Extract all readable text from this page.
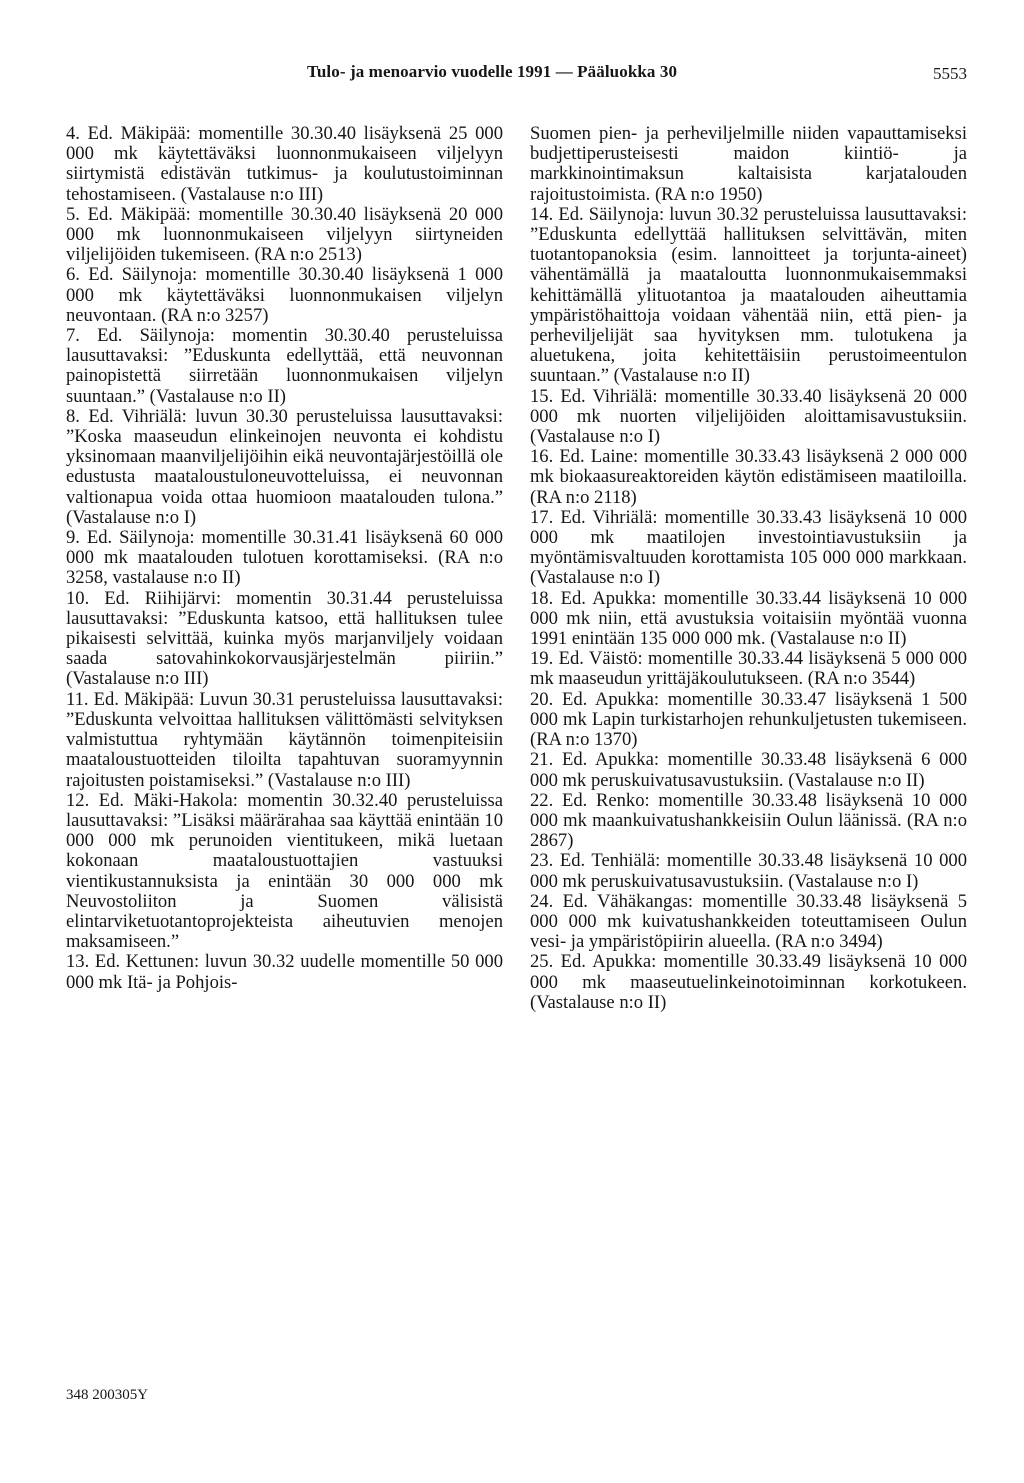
Tulo- ja menoarvio vuodelle 1991 — Pääluokka 30	5553

4. Ed. Mäkipää: momentille 30.30.40 lisäyksenä 25 000 000 mk käytettäväksi luonnonmukaiseen viljelyyn siirtymistä edistävän tutkimus- ja koulutustoiminnan tehostamiseen. (Vastalause n:o III)

5. Ed. Mäkipää: momentille 30.30.40 lisäyksenä 20 000 000 mk luonnonmukaiseen viljelyyn siirtyneiden viljelijöiden tukemiseen. (RA n:o 2513)

6. Ed. Säilynoja: momentille 30.30.40 lisäyksenä 1 000 000 mk käytettäväksi luonnonmukaisen viljelyn neuvontaan. (RA n:o 3257)

7. Ed. Säilynoja: momentin 30.30.40 perusteluissa lausuttavaksi: ”Eduskunta edellyttää, että neuvonnan painopistettä siirretään luonnonmukaisen viljelyn suuntaan.” (Vastalause n:o II)

8. Ed. Vihriälä: luvun 30.30 perusteluissa lausuttavaksi: ”Koska maaseudun elinkeinojen neuvonta ei kohdistu yksinomaan maanviljelijöihin eikä neuvontajärjestöillä ole edustusta maataloustuloneuvotteluissa, ei neuvonnan valtionapua voida ottaa huomioon maatalouden tulona.” (Vastalause n:o I)

9. Ed. Säilynoja: momentille 30.31.41 lisäyksenä 60 000 000 mk maatalouden tulotuen korottamiseksi. (RA n:o 3258, vastalause n:o II)

10. Ed. Riihijärvi: momentin 30.31.44 perusteluissa lausuttavaksi: ”Eduskunta katsoo, että hallituksen tulee pikaisesti selvittää, kuinka myös marjanviljely voidaan saada satovahinkokorvausjärjestelmän piiriin.” (Vastalause n:o III)

11. Ed. Mäkipää: Luvun 30.31 perusteluissa lausuttavaksi: ”Eduskunta velvoittaa hallituksen välittömästi selvityksen valmistuttua ryhtymään käytännön toimenpiteisiin maataloustuotteiden tiloilta tapahtuvan suoramyynnin rajoitusten poistamiseksi.” (Vastalause n:o III)

12. Ed. Mäki-Hakola: momentin 30.32.40 perusteluissa lausuttavaksi: ”Lisäksi määrärahaa saa käyttää enintään 10 000 000 mk perunoiden vientitukeen, mikä luetaan kokonaan maataloustuottajien vastuuksi vientikustannuksista ja enintään 30 000 000 mk Neuvostoliiton ja Suomen välisistä elintarviketuotantoprojekteista aiheutuvien menojen maksamiseen.”

13. Ed. Kettunen: luvun 30.32 uudelle momentille 50 000 000 mk Itä- ja Pohjois-

Suomen pien- ja perheviljelmille niiden vapauttamiseksi budjettiperusteisesti maidon kiintiö- ja markkinointimaksun kaltaisista karjatalouden rajoitustoimista. (RA n:o 1950)

14. Ed. Säilynoja: luvun 30.32 perusteluissa lausuttavaksi: ”Eduskunta edellyttää hallituksen selvittävän, miten tuotantopanoksia (esim. lannoitteet ja torjunta-aineet) vähentämällä ja maataloutta luonnonmukaisemmaksi kehittämällä ylituotantoa ja maatalouden aiheuttamia ympäristöhaittoja voidaan vähentää niin, että pien- ja perheviljelijät saa hyvityksen mm. tulotukena ja aluetukena, joita kehitettäisiin perustoimeentulon suuntaan.” (Vastalause n:o II)

15. Ed. Vihriälä: momentille 30.33.40 lisäyksenä 20 000 000 mk nuorten viljelijöiden aloittamisavustuksiin. (Vastalause n:o I)

16. Ed. Laine: momentille 30.33.43 lisäyksenä 2 000 000 mk biokaasureaktoreiden käytön edistämiseen maatiloilla. (RA n:o 2118)

17. Ed. Vihriälä: momentille 30.33.43 lisäyksenä 10 000 000 mk maatilojen investointiavustuksiin ja myöntämisvaltuuden korottamista 105 000 000 markkaan. (Vastalause n:o I)

18. Ed. Apukka: momentille 30.33.44 lisäyksenä 10 000 000 mk niin, että avustuksia voitaisiin myöntää vuonna 1991 enintään 135 000 000 mk. (Vastalause n:o II)

19. Ed. Väistö: momentille 30.33.44 lisäyksenä 5 000 000 mk maaseudun yrittäjäkoulutukseen. (RA n:o 3544)

20. Ed. Apukka: momentille 30.33.47 lisäyksenä 1 500 000 mk Lapin turkistarhojen rehunkuljetusten tukemiseen. (RA n:o 1370)

21. Ed. Apukka: momentille 30.33.48 lisäyksenä 6 000 000 mk peruskuivatusavustuksiin. (Vastalause n:o II)

22. Ed. Renko: momentille 30.33.48 lisäyksenä 10 000 000 mk maankuivatushankkeisiin Oulun läänissä. (RA n:o 2867)

23. Ed. Tenhiälä: momentille 30.33.48 lisäyksenä 10 000 000 mk peruskuivatusavustuksiin. (Vastalause n:o I)

24. Ed. Vähäkangas: momentille 30.33.48 lisäyksenä 5 000 000 mk kuivatushankkeiden toteuttamiseen Oulun vesi- ja ympäristöpiirin alueella. (RA n:o 3494)

25. Ed. Apukka: momentille 30.33.49 lisäyksenä 10 000 000 mk maaseutuelinkeinotoiminnan korkotukeen. (Vastalause n:o II)

348 200305Y
